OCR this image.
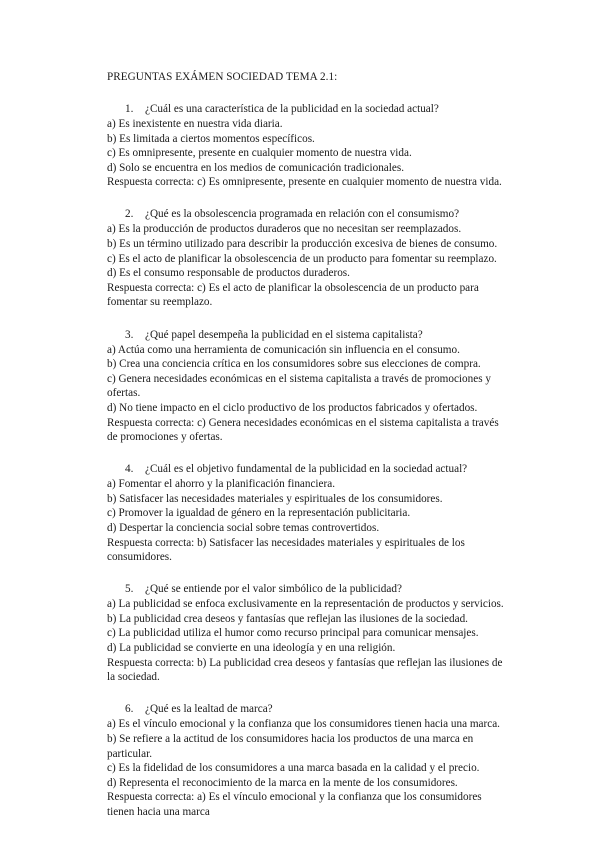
PREGUNTAS EXÁMEN SOCIEDAD TEMA 2.1:
1.	¿Cuál es una característica de la publicidad en la sociedad actual?
a) Es inexistente en nuestra vida diaria.
b) Es limitada a ciertos momentos específicos.
c) Es omnipresente, presente en cualquier momento de nuestra vida.
d) Solo se encuentra en los medios de comunicación tradicionales.
Respuesta correcta: c) Es omnipresente, presente en cualquier momento de nuestra vida.
2.	¿Qué es la obsolescencia programada en relación con el consumismo?
a) Es la producción de productos duraderos que no necesitan ser reemplazados.
b) Es un término utilizado para describir la producción excesiva de bienes de consumo.
c) Es el acto de planificar la obsolescencia de un producto para fomentar su reemplazo.
d) Es el consumo responsable de productos duraderos.
Respuesta correcta: c) Es el acto de planificar la obsolescencia de un producto para fomentar su reemplazo.
3.	¿Qué papel desempeña la publicidad en el sistema capitalista?
a) Actúa como una herramienta de comunicación sin influencia en el consumo.
b) Crea una conciencia crítica en los consumidores sobre sus elecciones de compra.
c) Genera necesidades económicas en el sistema capitalista a través de promociones y ofertas.
d) No tiene impacto en el ciclo productivo de los productos fabricados y ofertados.
Respuesta correcta: c) Genera necesidades económicas en el sistema capitalista a través de promociones y ofertas.
4.	¿Cuál es el objetivo fundamental de la publicidad en la sociedad actual?
a) Fomentar el ahorro y la planificación financiera.
b) Satisfacer las necesidades materiales y espirituales de los consumidores.
c) Promover la igualdad de género en la representación publicitaria.
d) Despertar la conciencia social sobre temas controvertidos.
Respuesta correcta: b) Satisfacer las necesidades materiales y espirituales de los consumidores.
5.	¿Qué se entiende por el valor simbólico de la publicidad?
a) La publicidad se enfoca exclusivamente en la representación de productos y servicios.
b) La publicidad crea deseos y fantasías que reflejan las ilusiones de la sociedad.
c) La publicidad utiliza el humor como recurso principal para comunicar mensajes.
d) La publicidad se convierte en una ideología y en una religión.
Respuesta correcta: b) La publicidad crea deseos y fantasías que reflejan las ilusiones de la sociedad.
6.	¿Qué es la lealtad de marca?
a) Es el vínculo emocional y la confianza que los consumidores tienen hacia una marca.
b) Se refiere a la actitud de los consumidores hacia los productos de una marca en particular.
c) Es la fidelidad de los consumidores a una marca basada en la calidad y el precio.
d) Representa el reconocimiento de la marca en la mente de los consumidores.
Respuesta correcta: a) Es el vínculo emocional y la confianza que los consumidores tienen hacia una marca
